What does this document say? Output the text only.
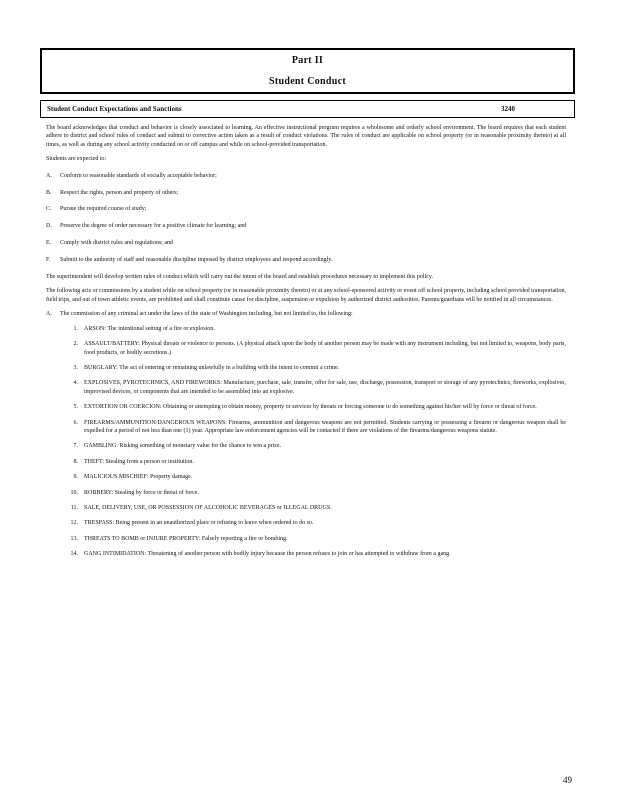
Part II
Student Conduct
Student Conduct Expectations and Sanctions	3240

The board acknowledges that conduct and behavior is closely associated to learning. An effective instructional program requires a wholesome and orderly school environment. The board requires that each student adhere to district and school rules of conduct and submit to corrective action taken as a result of conduct violations. The rules of conduct are applicable on school property (or in reasonable proximity thereto) at all times, as well as during any school activity conducted on or off campus and while on school-provided transportation.

Students are expected to:

A.	Conform to reasonable standards of socially acceptable behavior;
B.	Respect the rights, person and property of others;
C.	Pursue the required course of study;
D.	Preserve the degree of order necessary for a positive climate for learning; and
E.	Comply with district rules and regulations; and
F.	Submit to the authority of staff and reasonable discipline imposed by district employees and respond accordingly.

The superintendent will develop written rules of conduct which will carry out the intent of the board and establish procedures necessary to implement this policy.

The following acts or commissions by a student while on school property (or in reasonable proximity thereto) or at any school-sponsored activity or event off school property, including school provided transportation, field trips, and out of town athletic events, are prohibited and shall constitute cause for discipline, suspension or expulsion by authorized district authorities. Parents/guardians will be notified in all circumstances.

A.	The commission of any criminal act under the laws of the state of Washington including, but not limited to, the following:
1.	ARSON: The intentional setting of a fire or explosion.
2.	ASSAULT/BATTERY: Physical threats or violence to persons. (A physical attack upon the body of another person may be made with any instrument including, but not limited to, weapons, body parts, food products, or bodily secretions.)
3.	BURGLARY: The act of entering or remaining unlawfully in a building with the intent to commit a crime.
4.	EXPLOSIVES, PYROTECHNICS, AND FIREWORKS: Manufacture, purchase, sale, transfer, offer for sale, use, discharge, possession, transport or storage of any pyrotechnics, fireworks, explosives, improvised devices, or components that are intended to be assembled into an explosive.
5.	EXTORTION OR COERCION: Obtaining or attempting to obtain money, property or services by threats or forcing someone to do something against his/her will by force or threat of force.
6.	FIREARMS/AMMUNITION/DANGEROUS WEAPONS: Firearms, ammunition and dangerous weapons are not permitted. Students carrying or possessing a firearm or dangerous weapon shall be expelled for a period of not less than one (1) year. Appropriate law enforcement agencies will be contacted if there are violations of the firearms/dangerous weapons statute.
7.	GAMBLING: Risking something of monetary value for the chance to win a prize.
8.	THEFT: Stealing from a person or institution.
9.	MALICIOUS MISCHIEF: Property damage.
10.	ROBBERY: Stealing by force or threat of force.
11.	SALE, DELIVERY, USE, OR POSSESSION OF ALCOHOLIC BEVERAGES or ILLEGAL DRUGS.
12.	TRESPASS: Being present in an unauthorized place or refusing to leave when ordered to do so.
13.	THREATS TO BOMB or INJURE PROPERTY: Falsely reporting a fire or bombing.
14.	GANG INTIMIDATION: Threatening of another person with bodily injury because the person refuses to join or has attempted to withdraw from a gang.
49
